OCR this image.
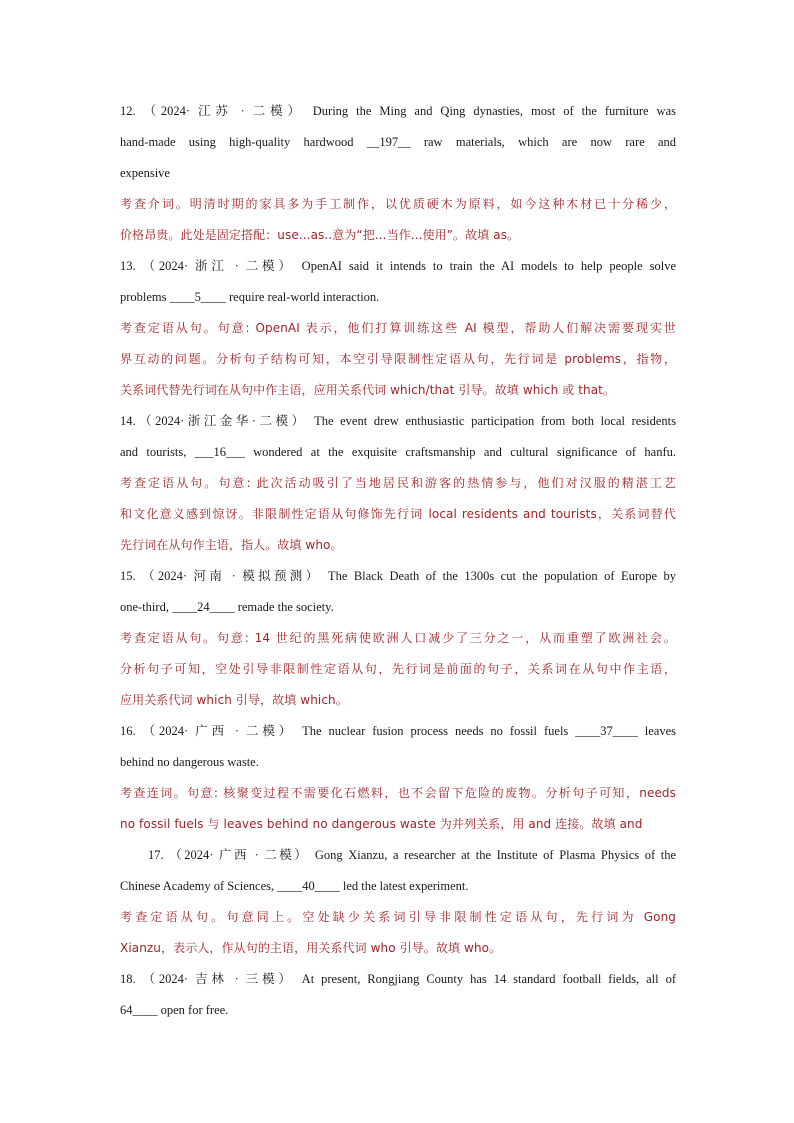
12. （2024· 江苏 · 二模） During the Ming and Qing dynasties, most of the furniture was
hand-made using high-quality hardwood __197__ raw materials, which are now rare and
expensive
考查介词。明清时期的家具多为手工制作，以优质硬木为原料，如今这种木材已十分稀少，
价格昂贵。此处是固定搭配：use...as..意为“把...当作...使用”。故填 as。
13. （2024· 浙江 · 二模） OpenAI said it intends to train the AI models to help people solve
problems ____5____ require real-world interaction.
考查定语从句。句意: OpenAI 表示，他们打算训练这些 AI 模型，帮助人们解决需要现实世
界互动的问题。分析句子结构可知，本空引导限制性定语从句，先行词是 problems，指物，
关系词代替先行词在从句中作主语，应用关系代词 which/that 引导。故填 which 或 that。
14.（2024·浙江金华·二模） The event drew enthusiastic participation from both local residents
and tourists, ___16___ wondered at the exquisite craftsmanship and cultural significance of hanfu.
考查定语从句。句意: 此次活动吸引了当地居民和游客的热情参与，他们对汉服的精湛工艺
和文化意义感到惊讶。非限制性定语从句修饰先行词 local residents and tourists，关系词替代
先行词在从句作主语，指人。故填 who。
15. （2024· 河南 · 模拟预测） The Black Death of the 1300s cut the population of Europe by
one-third, ____24____ remade the society.
考查定语从句。句意: 14 世纪的黑死病使欧洲人口减少了三分之一，从而重塑了欧洲社会。
分析句子可知，空处引导非限制性定语从句，先行词是前面的句子，关系词在从句中作主语，
应用关系代词 which 引导，故填 which。
16. （2024· 广西 · 二模） The nuclear fusion process needs no fossil fuels ____37____ leaves
behind no dangerous waste.
考查连词。句意: 核聚变过程不需要化石燃料，也不会留下危险的废物。分析句子可知，needs
no fossil fuels 与 leaves behind no dangerous waste 为并列关系，用 and 连接。故填 and
17. （2024· 广西 · 二模） Gong Xianzu, a researcher at the Institute of Plasma Physics of the
Chinese Academy of Sciences, ____40____ led the latest experiment.
考查定语从句。句意同上。空处缺少关系词引导非限制性定语从句，先行词为 Gong
Xianzu，表示人，作从句的主语，用关系代词 who 引导。故填 who。
18. （2024· 吉林 · 三模） At present, Rongjiang County has 14 standard football fields, all of
64____ open for free.
